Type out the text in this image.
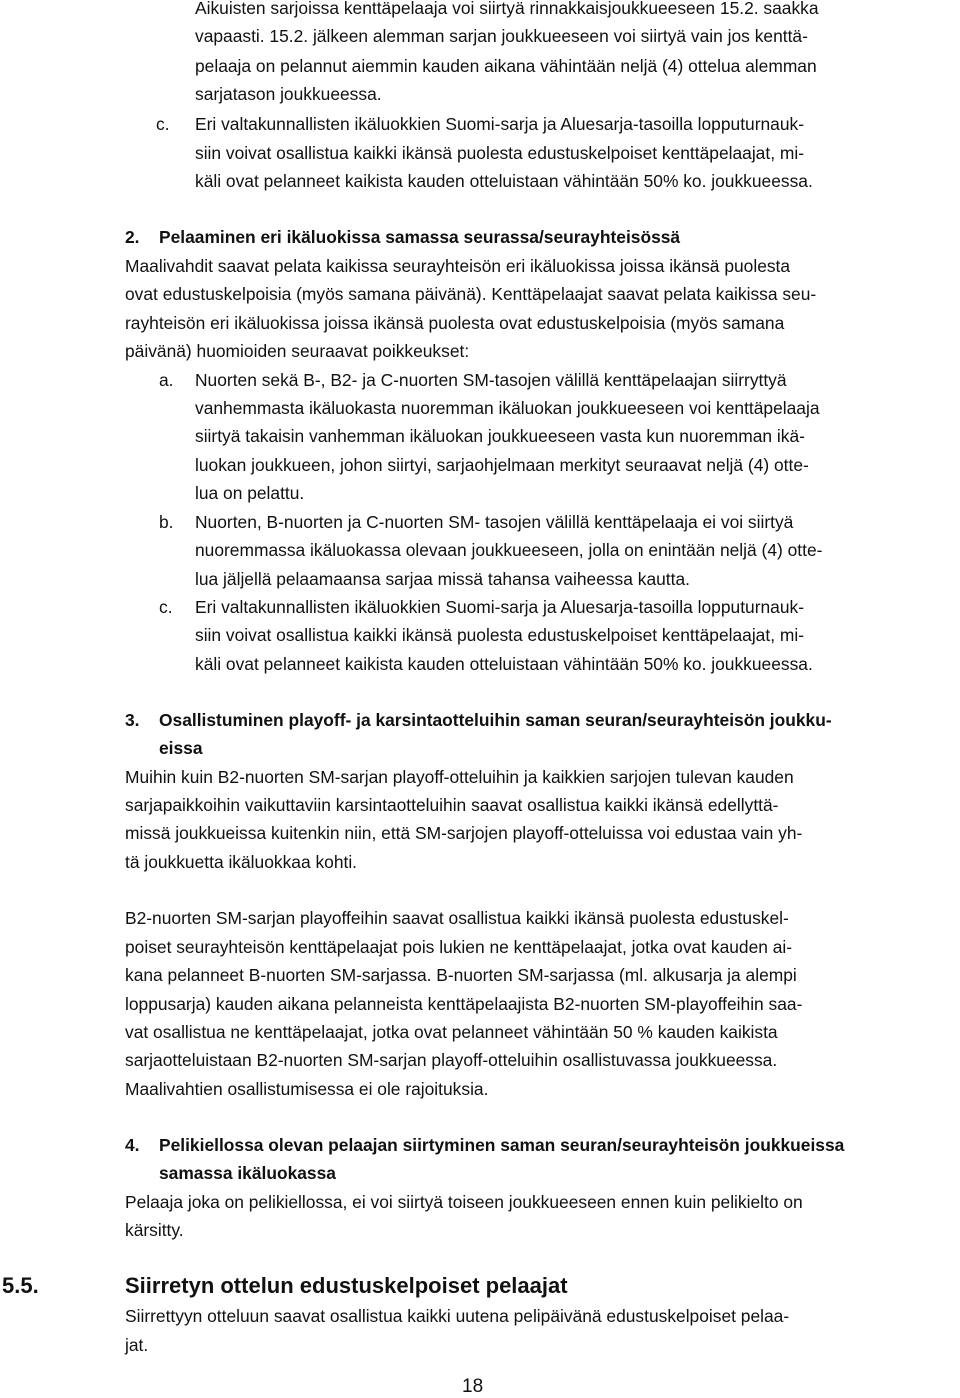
Aikuisten sarjoissa kenttäpelaaja voi siirtyä rinnakkaisjoukkueeseen 15.2. saakka

vapaasti. 15.2. jälkeen alemman sarjan joukkueeseen voi siirtyä vain jos kenttä-

pelaaja on pelannut aiemmin kauden aikana vähintään neljä (4) ottelua alemman

sarjatason joukkueessa.

c. Eri valtakunnallisten ikäluokkien Suomi-sarja ja Aluesarja-tasoilla lopputurnauk-

siin voivat osallistua kaikki ikänsä puolesta edustuskelpoiset kenttäpelaajat, mi-

käli ovat pelanneet kaikista kauden otteluistaan vähintään 50% ko. joukkueessa.

2. Pelaaminen eri ikäluokissa samassa seurassa/seurayhteisössä

Maalivahdit saavat pelata kaikissa seurayhteisön eri ikäluokissa joissa ikänsä puolesta

ovat edustuskelpoisia (myös samana päivänä). Kenttäpelaajat saavat pelata kaikissa seu-

rayhteisön eri ikäluokissa joissa ikänsä puolesta ovat edustuskelpoisia (myös samana

päivänä) huomioiden seuraavat poikkeukset:

a. Nuorten sekä B-, B2- ja C-nuorten SM-tasojen välillä kenttäpelaajan siirryttyä

vanhemmasta ikäluokasta nuoremman ikäluokan joukkueeseen voi kenttäpelaaja

siirtyä takaisin vanhemman ikäluokan joukkueeseen vasta kun nuoremman ikä-

luokan joukkueen, johon siirtyi, sarjaohjelmaan merkityt seuraavat neljä (4) otte-

lua on pelattu.

b. Nuorten, B-nuorten ja C-nuorten SM- tasojen välillä kenttäpelaaja ei voi siirtyä

nuoremmassa ikäluokassa olevaan joukkueeseen, jolla on enintään neljä (4) otte-

lua jäljellä pelaamaansa sarjaa missä tahansa vaiheessa kautta.

c. Eri valtakunnallisten ikäluokkien Suomi-sarja ja Aluesarja-tasoilla lopputurnauk-

siin voivat osallistua kaikki ikänsä puolesta edustuskelpoiset kenttäpelaajat, mi-

käli ovat pelanneet kaikista kauden otteluistaan vähintään 50% ko. joukkueessa.

3. Osallistuminen playoff- ja karsintaotteluihin saman seuran/seurayhteisön joukku-

eissa

Muihin kuin B2-nuorten SM-sarjan playoff-otteluihin ja kaikkien sarjojen tulevan kauden

sarjapaikkoihin vaikuttaviin karsintaotteluihin saavat osallistua kaikki ikänsä edellyttä-

missä joukkueissa kuitenkin niin, että SM-sarjojen playoff-otteluissa voi edustaa vain yh-

tä joukkuetta ikäluokkaa kohti.

B2-nuorten SM-sarjan playoffeihin saavat osallistua kaikki ikänsä puolesta edustuskel-

poiset seurayhteisön kenttäpelaajat pois lukien ne kenttäpelaajat, jotka ovat kauden ai-

kana pelanneet B-nuorten SM-sarjassa. B-nuorten SM-sarjassa (ml. alkusarja ja alempi

loppusarja) kauden aikana pelanneista kenttäpelaajista B2-nuorten SM-playoffeihin saa-

vat osallistua ne kenttäpelaajat, jotka ovat pelanneet vähintään 50 % kauden kaikista

sarjaotteluistaan B2-nuorten SM-sarjan playoff-otteluihin osallistuvassa joukkueessa.

Maalivahtien osallistumisessa ei ole rajoituksia.

4. Pelikiellossa olevan pelaajan siirtyminen saman seuran/seurayhteisön joukkueissa

samassa ikäluokassa

Pelaaja joka on pelikiellossa, ei voi siirtyä toiseen joukkueeseen ennen kuin pelikielto on

kärsitty.

5.5.	Siirretyn ottelun edustuskelpoiset pelaajat

Siirrettyyn otteluun saavat osallistua kaikki uutena pelipäivänä edustuskelpoiset pelaa-

jat.

18
